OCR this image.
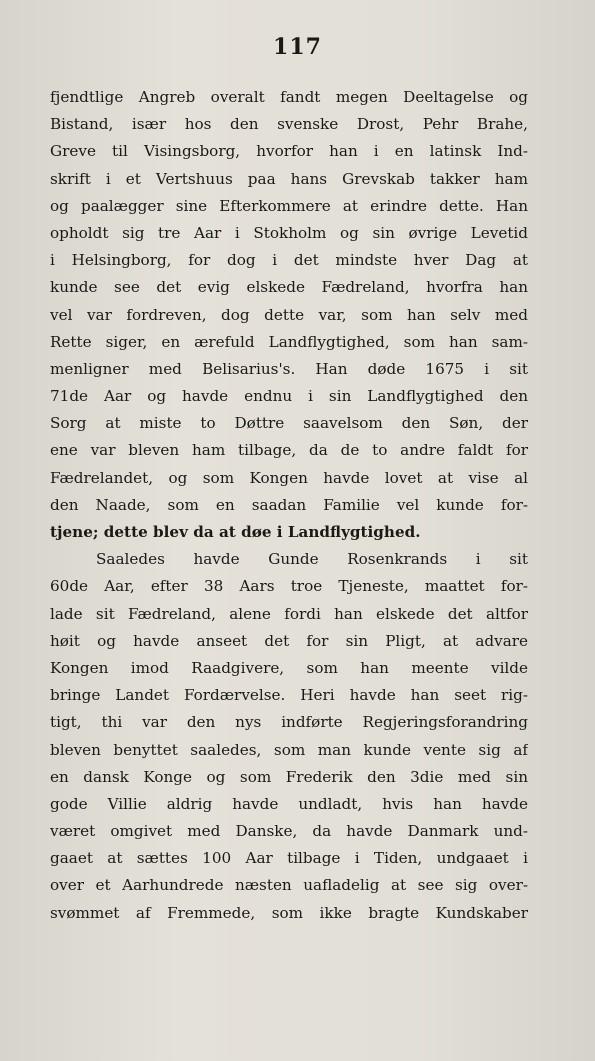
117
fjendtlige Angreb overalt fandt megen Deeltagelse og
Bistand, især hos den svenske Drost, Pehr Brahe,
Greve til Visingsborg, hvorfor han i en latinsk Ind-
skrift i et Vertshuus paa hans Grevskab takker ham
og paalægger sine Efterkommere at erindre dette. Han
opholdt sig tre Aar i Stokholm og sin øvrige Levetid
i Helsingborg, for dog i det mindste hver Dag at
kunde see det evig elskede Fædreland, hvorfra han
vel var fordreven, dog dette var, som han selv med
Rette siger, en ærefuld Landflygtighed, som han sam-
menligner med Belisarius's. Han døde 1675 i sit
71de Aar og havde endnu i sin Landflygtighed den
Sorg at miste to Døttre saavelsom den Søn, der
ene var bleven ham tilbage, da de to andre faldt for
Fædrelandet, og som Kongen havde lovet at vise al
den Naade, som en saadan Familie vel kunde for-
tjene; dette blev da at døe i Landflygtighed.
Saaledes havde Gunde Rosenkrands i sit
60de Aar, efter 38 Aars troe Tjeneste, maattet for-
lade sit Fædreland, alene fordi han elskede det altfor
høit og havde anseet det for sin Pligt, at advare
Kongen imod Raadgivere, som han meente vilde
bringe Landet Fordærvelse. Heri havde han seet rig-
tigt, thi var den nys indførte Regjeringsforandring
bleven benyttet saaledes, som man kunde vente sig af
en dansk Konge og som Frederik den 3die med sin
gode Villie aldrig havde undladt, hvis han havde
været omgivet med Danske, da havde Danmark und-
gaaet at sættes 100 Aar tilbage i Tiden, undgaaet i
over et Aarhundrede næsten uafladelig at see sig over-
svømmet af Fremmede, som ikke bragte Kundskaber
